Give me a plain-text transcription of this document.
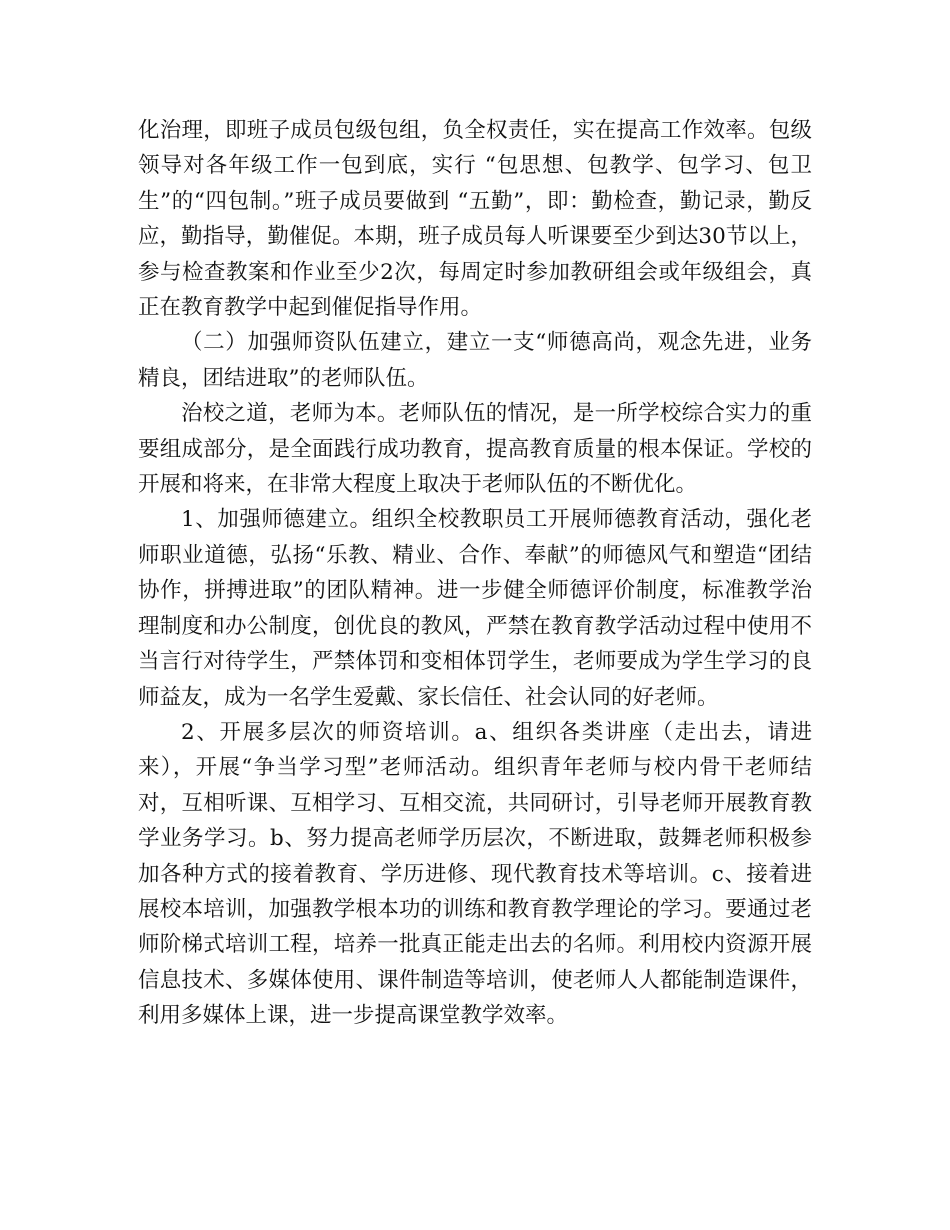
化治理，即班子成员包级包组，负全权责任，实在提高工作效率。包级领导对各年级工作一包到底，实行 “包思想、包教学、包学习、包卫生”的“四包制。”班子成员要做到 “五勤”，即：勤检查，勤记录，勤反应，勤指导，勤催促。本期，班子成员每人听课要至少到达30节以上，参与检查教案和作业至少2次，每周定时参加教研组会或年级组会，真正在教育教学中起到催促指导作用。

（二）加强师资队伍建立，建立一支“师德高尚，观念先进，业务精良，团结进取”的老师队伍。

治校之道，老师为本。老师队伍的情况，是一所学校综合实力的重要组成部分，是全面践行成功教育，提高教育质量的根本保证。学校的开展和将来，在非常大程度上取决于老师队伍的不断优化。

1、加强师德建立。组织全校教职员工开展师德教育活动，强化老师职业道德，弘扬“乐教、精业、合作、奉献”的师德风气和塑造“团结协作，拼搏进取”的团队精神。进一步健全师德评价制度，标准教学治理制度和办公制度，创优良的教风，严禁在教育教学活动过程中使用不当言行对待学生，严禁体罚和变相体罚学生，老师要成为学生学习的良师益友，成为一名学生爱戴、家长信任、社会认同的好老师。

2、开展多层次的师资培训。a、组织各类讲座（走出去，请进来），开展“争当学习型”老师活动。组织青年老师与校内骨干老师结对，互相听课、互相学习、互相交流，共同研讨，引导老师开展教育教学业务学习。b、努力提高老师学历层次，不断进取，鼓舞老师积极参加各种方式的接着教育、学历进修、现代教育技术等培训。c、接着进展校本培训，加强教学根本功的训练和教育教学理论的学习。要通过老师阶梯式培训工程，培养一批真正能走出去的名师。利用校内资源开展信息技术、多媒体使用、课件制造等培训，使老师人人都能制造课件，利用多媒体上课，进一步提高课堂教学效率。
